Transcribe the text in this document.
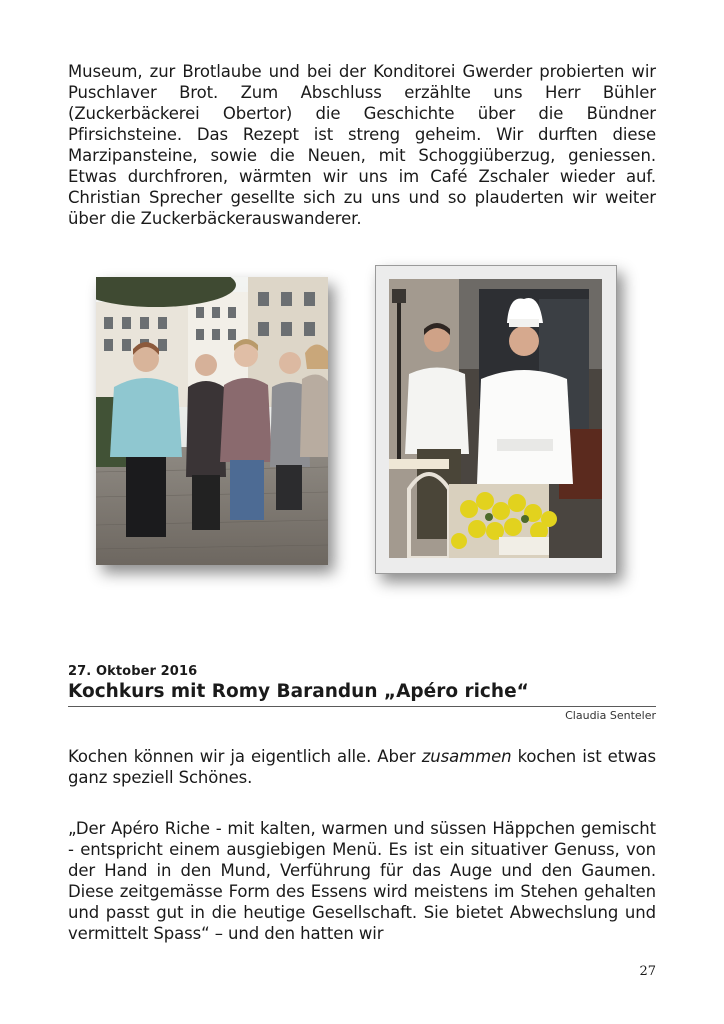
Museum, zur Brotlaube und bei der Konditorei Gwerder probierten wir Puschlaver Brot. Zum Abschluss erzählte uns Herr Bühler (Zuckerbäckerei Obertor) die Geschichte über die Bündner Pfirsichsteine. Das Rezept ist streng geheim. Wir durften diese Marzipansteine, sowie die Neuen, mit Schoggiüberzug, geniessen. Etwas durchfroren, wärmten wir uns im Café Zschaler wieder auf. Christian Sprecher gesellte sich zu uns und so plauderten wir weiter über die Zuckerbäckerauswanderer.

27. Oktober 2016

Kochkurs mit Romy Barandun „Apéro riche“

Claudia Senteler

Kochen können wir ja eigentlich alle. Aber zusammen kochen ist etwas ganz speziell Schönes.

„Der Apéro Riche - mit kalten, warmen und süssen Häppchen gemischt - entspricht einem ausgiebigen Menü. Es ist ein situativer Genuss, von der Hand in den Mund, Verführung für das Auge und den Gaumen. Diese zeitgemässe Form des Essens wird meistens im Stehen gehalten und passt gut in die heutige Gesellschaft. Sie bietet Abwechslung und vermittelt Spass“ – und den hatten wir

27
